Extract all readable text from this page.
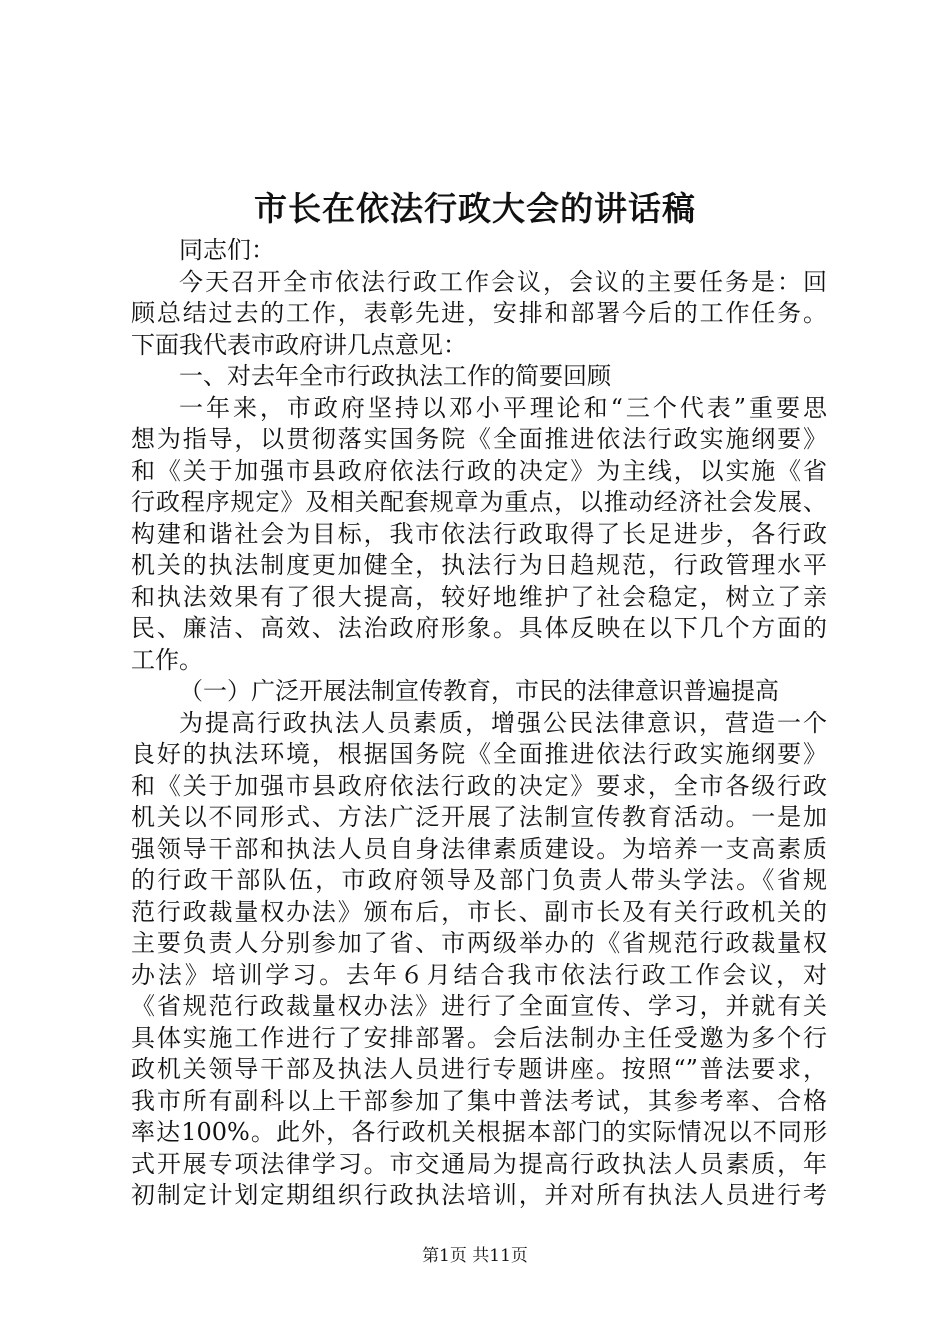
市长在依法行政大会的讲话稿
同志们：
今天召开全市依法行政工作会议，会议的主要任务是：回
顾总结过去的工作，表彰先进，安排和部署今后的工作任务。
下面我代表市政府讲几点意见：
一、对去年全市行政执法工作的简要回顾
一年来，市政府坚持以邓小平理论和“三个代表”重要思
想为指导，以贯彻落实国务院《全面推进依法行政实施纲要》
和《关于加强市县政府依法行政的决定》为主线，以实施《省
行政程序规定》及相关配套规章为重点，以推动经济社会发展、
构建和谐社会为目标，我市依法行政取得了长足进步，各行政
机关的执法制度更加健全，执法行为日趋规范，行政管理水平
和执法效果有了很大提高，较好地维护了社会稳定，树立了亲
民、廉洁、高效、法治政府形象。具体反映在以下几个方面的
工作。
（一）广泛开展法制宣传教育，市民的法律意识普遍提高
为提高行政执法人员素质，增强公民法律意识，营造一个
良好的执法环境，根据国务院《全面推进依法行政实施纲要》
和《关于加强市县政府依法行政的决定》要求，全市各级行政
机关以不同形式、方法广泛开展了法制宣传教育活动。一是加
强领导干部和执法人员自身法律素质建设。为培养一支高素质
的行政干部队伍，市政府领导及部门负责人带头学法。《省规
范行政裁量权办法》颁布后，市长、副市长及有关行政机关的
主要负责人分别参加了省、市两级举办的《省规范行政裁量权
办法》培训学习。去年６月结合我市依法行政工作会议，对
《省规范行政裁量权办法》进行了全面宣传、学习，并就有关
具体实施工作进行了安排部署。会后法制办主任受邀为多个行
政机关领导干部及执法人员进行专题讲座。按照“”普法要求，
我市所有副科以上干部参加了集中普法考试，其参考率、合格
率达100%。此外，各行政机关根据本部门的实际情况以不同形
式开展专项法律学习。市交通局为提高行政执法人员素质，年
初制定计划定期组织行政执法培训，并对所有执法人员进行考
第1页 共11页
